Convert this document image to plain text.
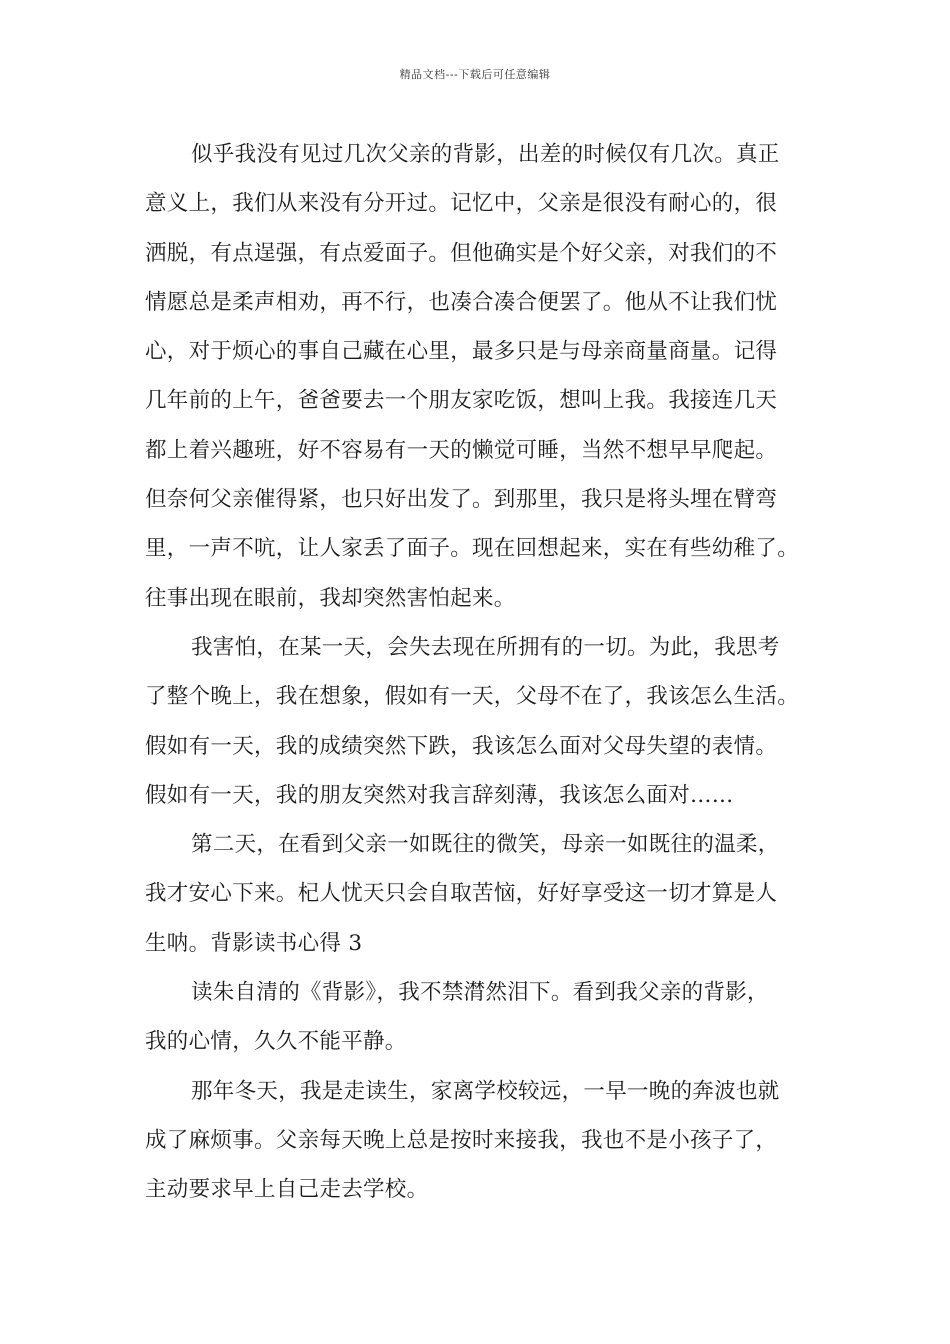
精品文档---下载后可任意编辑
似乎我没有见过几次父亲的背影，出差的时候仅有几次。真正
意义上，我们从来没有分开过。记忆中，父亲是很没有耐心的，很
洒脱，有点逞强，有点爱面子。但他确实是个好父亲，对我们的不
情愿总是柔声相劝，再不行，也凑合凑合便罢了。他从不让我们忧
心，对于烦心的事自己藏在心里，最多只是与母亲商量商量。记得
几年前的上午，爸爸要去一个朋友家吃饭，想叫上我。我接连几天
都上着兴趣班，好不容易有一天的懒觉可睡，当然不想早早爬起。
但奈何父亲催得紧，也只好出发了。到那里，我只是将头埋在臂弯
里，一声不吭，让人家丢了面子。现在回想起来，实在有些幼稚了。
往事出现在眼前，我却突然害怕起来。
我害怕，在某一天，会失去现在所拥有的一切。为此，我思考
了整个晚上，我在想象，假如有一天，父母不在了，我该怎么生活。
假如有一天，我的成绩突然下跌，我该怎么面对父母失望的表情。
假如有一天，我的朋友突然对我言辞刻薄，我该怎么面对……
第二天，在看到父亲一如既往的微笑，母亲一如既往的温柔，
我才安心下来。杞人忧天只会自取苦恼，好好享受这一切才算是人
生呐。背影读书心得 3
读朱自清的《背影》，我不禁潸然泪下。看到我父亲的背影，
我的心情，久久不能平静。
那年冬天，我是走读生，家离学校较远，一早一晚的奔波也就
成了麻烦事。父亲每天晚上总是按时来接我，我也不是小孩子了，
主动要求早上自己走去学校。
